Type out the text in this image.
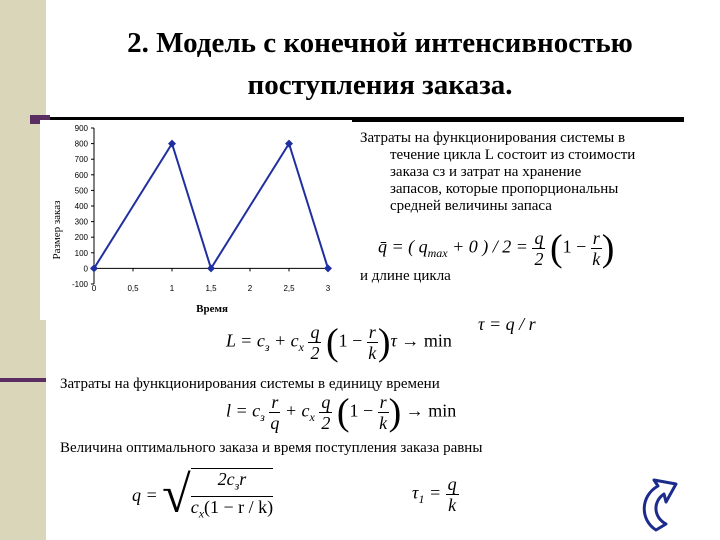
2. Модель с конечной интенсивностью
поступления заказа.
Размер заказ
Время
-100
0
100
200
300
400
500
600
700
800
900
0	0,5	1	1,5	2	2,5	3
Затраты на функционирования системы в
течение цикла L состоит из стоимости
заказа cз и затрат на хранение
запасов, которые пропорциональны
средней величины запаса
q̄ = ( $q_{max} + 0$ ) / $2 = \frac{q}{2} (1 - \frac{r}{k}$ )
и длине цикла
τ = q / r
$L = c_з + c_x \frac{q}{2} (1 - \frac{r}{k} )\tau \to \min$
Затраты на функционирования системы в единицу времени
$l = c_з \frac{r}{q} + c_x \frac{q}{2} (1 - \frac{r}{k}$ ) → min
Величина оптимального заказа и время поступления заказа равны
q = √ $\frac{2c_зr}{c_x(1 - r / k)}$	$\tau_1 = \frac{q}{k}$
